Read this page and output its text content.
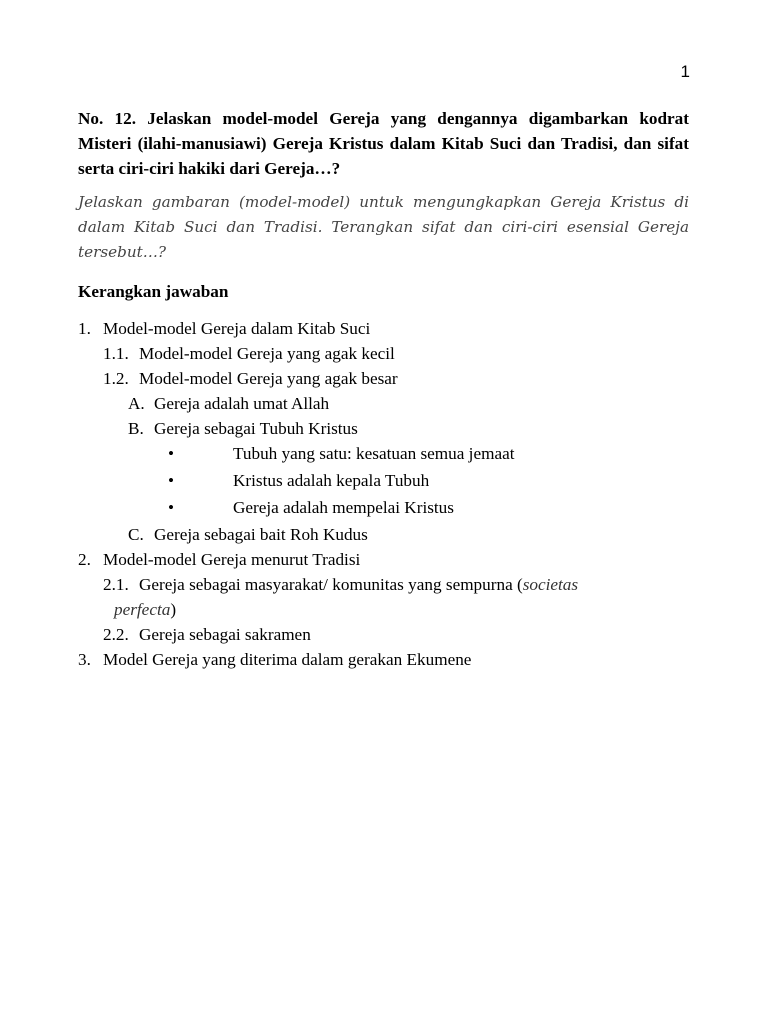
1

No. 12. Jelaskan model-model Gereja yang dengannya digambarkan kodrat Misteri (ilahi-manusiawi) Gereja Kristus dalam Kitab Suci dan Tradisi, dan sifat serta ciri-ciri hakiki dari Gereja…?

Jelaskan gambaran (model-model) untuk mengungkapkan Gereja Kristus di dalam Kitab Suci dan Tradisi. Terangkan sifat dan ciri-ciri esensial Gereja tersebut…?

Kerangkan jawaban
1. Model-model Gereja dalam Kitab Suci
1.1. Model-model Gereja yang agak kecil
1.2. Model-model Gereja yang agak besar
A. Gereja adalah umat Allah
B. Gereja sebagai Tubuh Kristus
•	Tubuh yang satu: kesatuan semua jemaat
•	Kristus adalah kepala Tubuh
•	Gereja adalah mempelai Kristus
C. Gereja sebagai bait Roh Kudus
2. Model-model Gereja menurut Tradisi
2.1. Gereja sebagai masyarakat/ komunitas yang sempurna (societas
perfecta)
2.2. Gereja sebagai sakramen
3. Model Gereja yang diterima dalam gerakan Ekumene
